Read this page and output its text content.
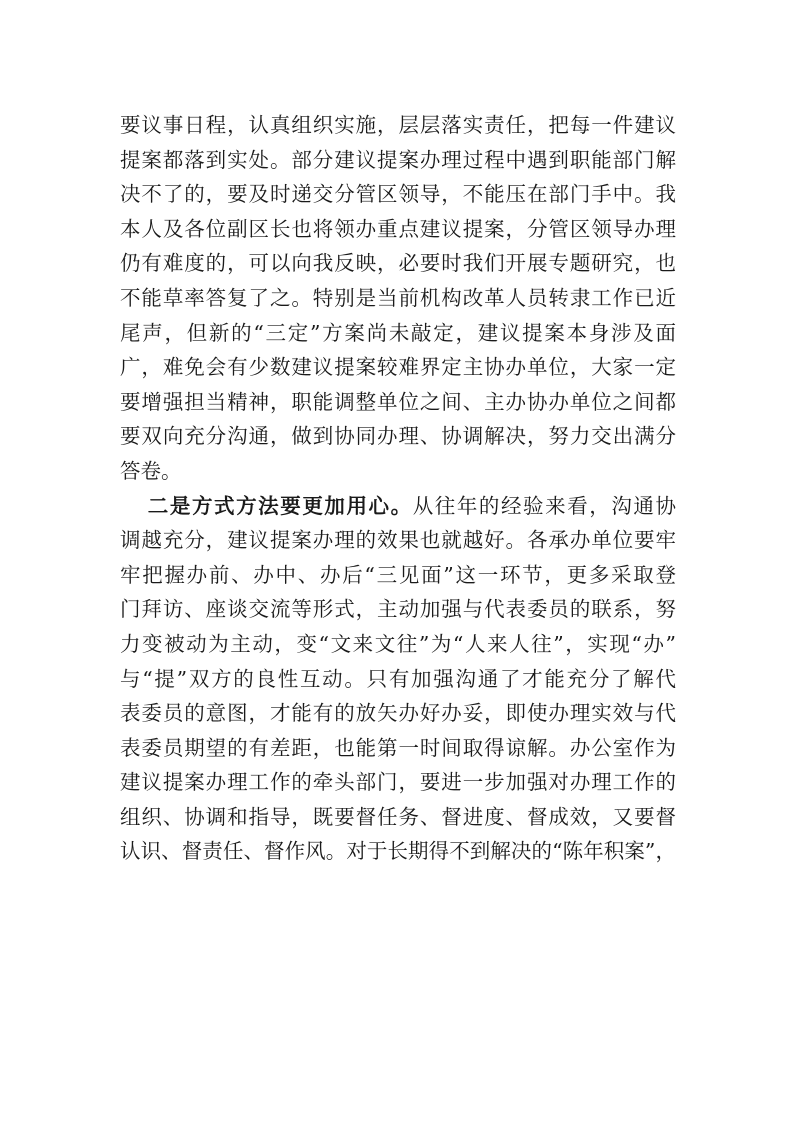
要议事日程，认真组织实施，层层落实责任，把每一件建议
提案都落到实处。部分建议提案办理过程中遇到职能部门解
决不了的，要及时递交分管区领导，不能压在部门手中。我
本人及各位副区长也将领办重点建议提案，分管区领导办理
仍有难度的，可以向我反映，必要时我们开展专题研究，也
不能草率答复了之。特别是当前机构改革人员转隶工作已近
尾声，但新的“三定”方案尚未敲定，建议提案本身涉及面
广，难免会有少数建议提案较难界定主协办单位，大家一定
要增强担当精神，职能调整单位之间、主办协办单位之间都
要双向充分沟通，做到协同办理、协调解决，努力交出满分
答卷。
二是方式方法要更加用心。从往年的经验来看，沟通协
调越充分，建议提案办理的效果也就越好。各承办单位要牢
牢把握办前、办中、办后“三见面”这一环节，更多采取登
门拜访、座谈交流等形式，主动加强与代表委员的联系，努
力变被动为主动，变“文来文往”为“人来人往”，实现“办”
与“提”双方的良性互动。只有加强沟通了才能充分了解代
表委员的意图，才能有的放矢办好办妥，即使办理实效与代
表委员期望的有差距，也能第一时间取得谅解。办公室作为
建议提案办理工作的牵头部门，要进一步加强对办理工作的
组织、协调和指导，既要督任务、督进度、督成效，又要督
认识、督责任、督作风。对于长期得不到解决的“陈年积案”，
